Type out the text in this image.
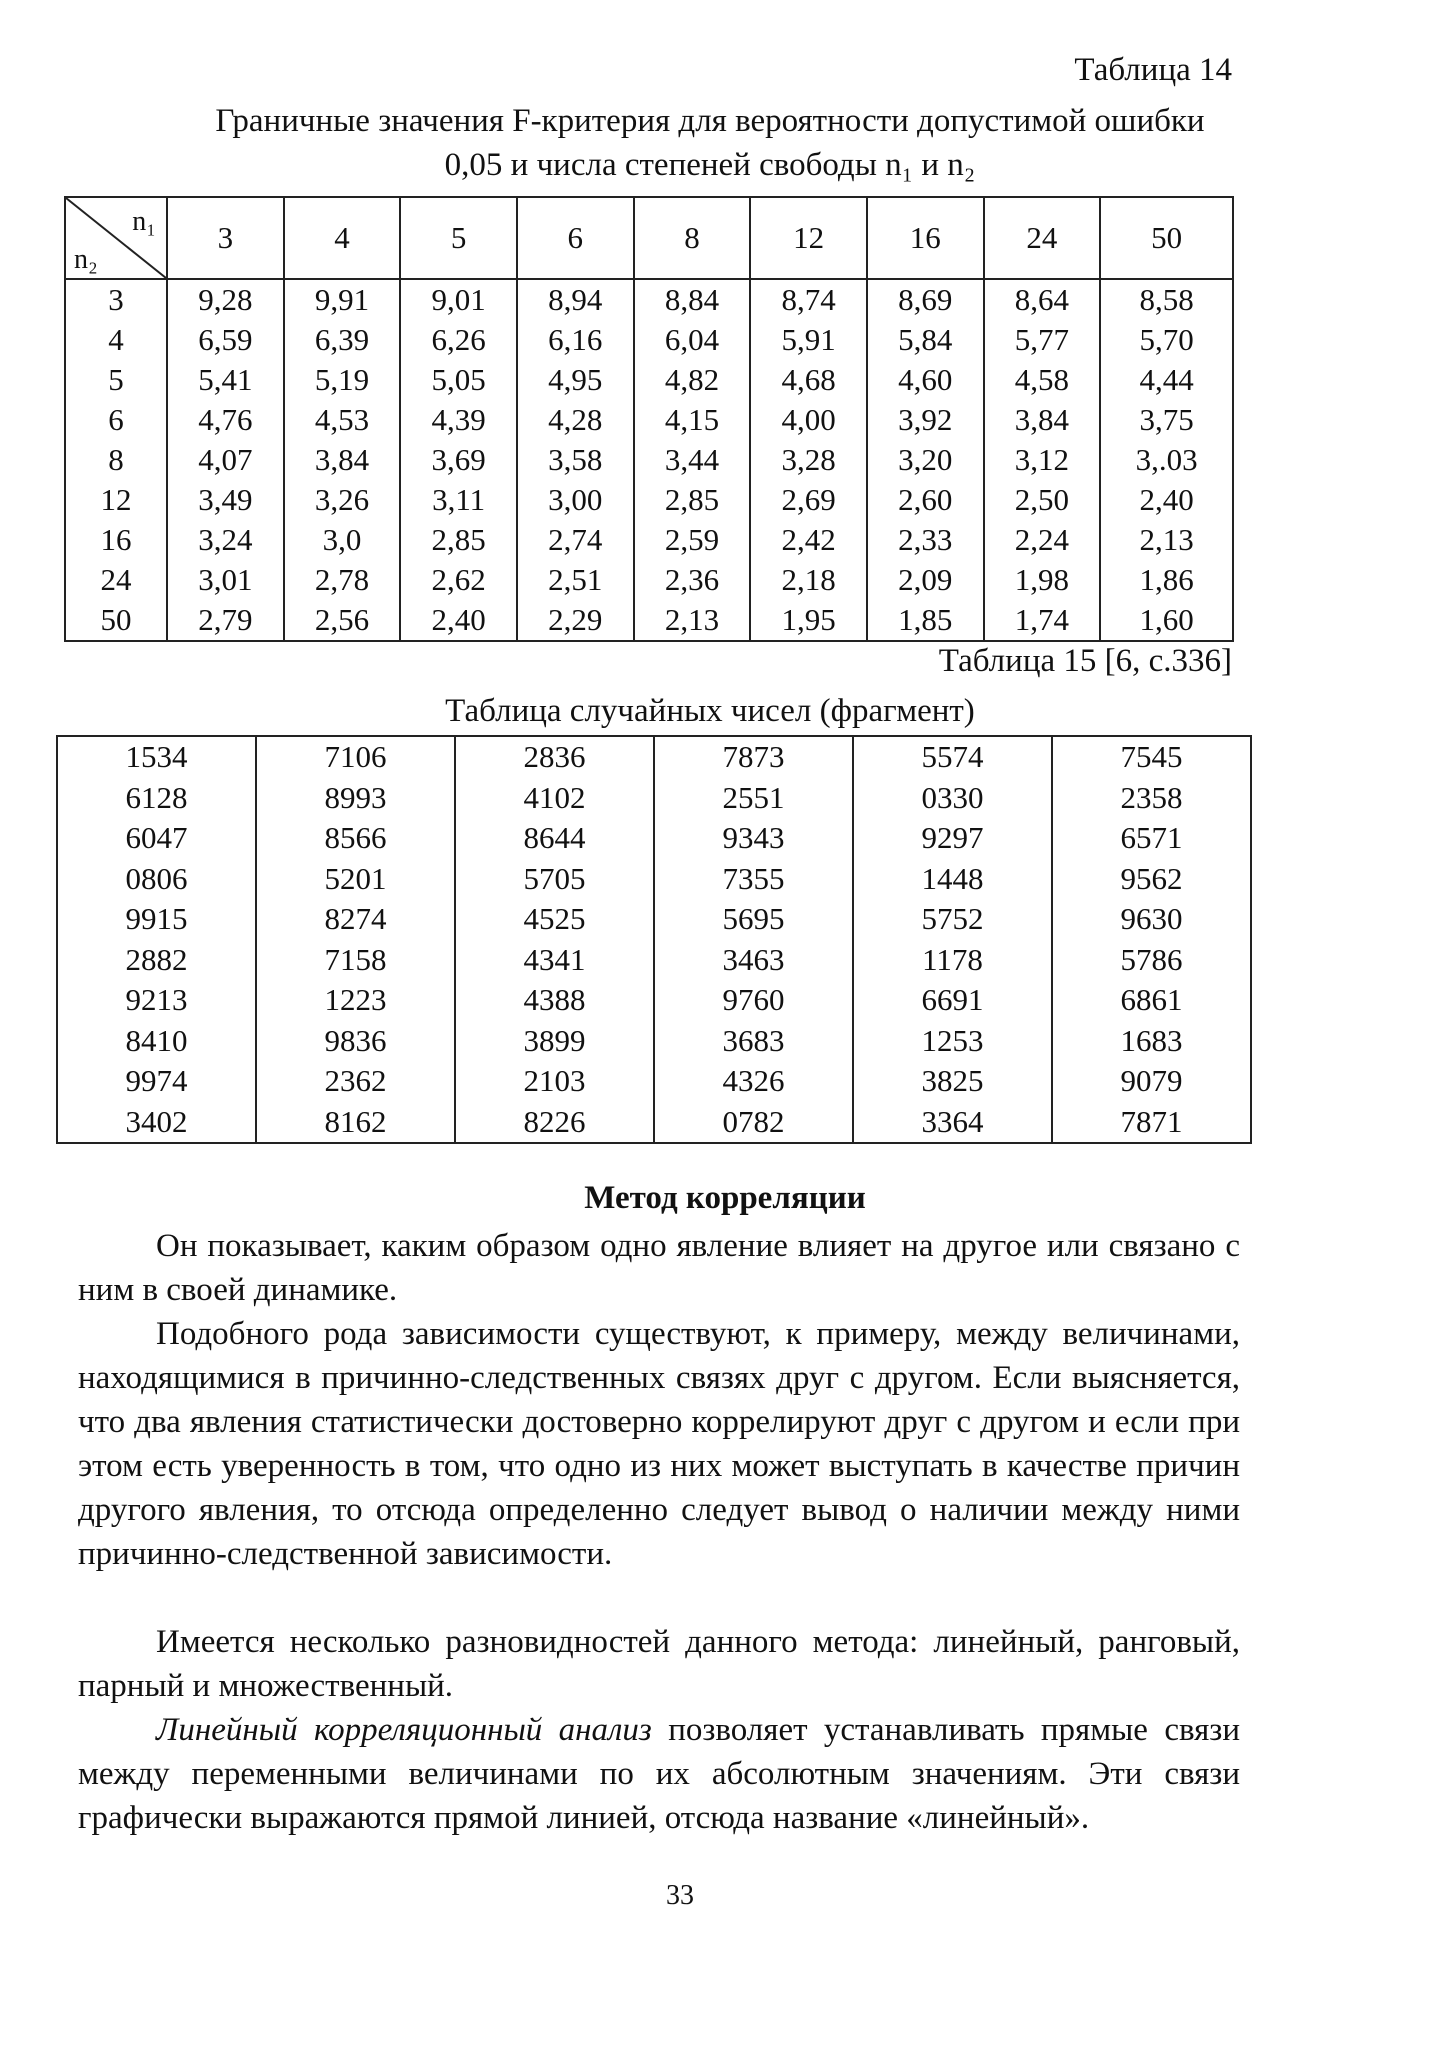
Таблица 14
Граничные значения F-критерия для вероятности допустимой ошибки
0,05 и числа степеней свободы n₁ и n₂
n₁
n₂	3	4	5	6	8	12	16	24	50
3	9,28	9,91	9,01	8,94	8,84	8,74	8,69	8,64	8,58
4	6,59	6,39	6,26	6,16	6,04	5,91	5,84	5,77	5,70
5	5,41	5,19	5,05	4,95	4,82	4,68	4,60	4,58	4,44
6	4,76	4,53	4,39	4,28	4,15	4,00	3,92	3,84	3,75
8	4,07	3,84	3,69	3,58	3,44	3,28	3,20	3,12	3,.03
12	3,49	3,26	3,11	3,00	2,85	2,69	2,60	2,50	2,40
16	3,24	3,0	2,85	2,74	2,59	2,42	2,33	2,24	2,13
24	3,01	2,78	2,62	2,51	2,36	2,18	2,09	1,98	1,86
50	2,79	2,56	2,40	2,29	2,13	1,95	1,85	1,74	1,60
Таблица 15 [6, с.336]
Таблица случайных чисел (фрагмент)
1534	7106	2836	7873	5574	7545
6128	8993	4102	2551	0330	2358
6047	8566	8644	9343	9297	6571
0806	5201	5705	7355	1448	9562
9915	8274	4525	5695	5752	9630
2882	7158	4341	3463	1178	5786
9213	1223	4388	9760	6691	6861
8410	9836	3899	3683	1253	1683
9974	2362	2103	4326	3825	9079
3402	8162	8226	0782	3364	7871
Метод корреляции
Он показывает, каким образом одно явление влияет на другое или связано с ним в своей динамике.
Подобного рода зависимости существуют, к примеру, между величинами, находящимися в причинно-следственных связях друг с другом. Если выясняется, что два явления статистически достоверно коррелируют друг с другом и если при этом есть уверенность в том, что одно из них может выступать в качестве причин другого явления, то отсюда определенно следует вывод о наличии между ними причинно-следственной зависимости.
Имеется несколько разновидностей данного метода: линейный, ранговый, парный и множественный.
Линейный корреляционный анализ позволяет устанавливать прямые связи между переменными величинами по их абсолютным значениям. Эти связи графически выражаются прямой линией, отсюда название «линейный».
33
